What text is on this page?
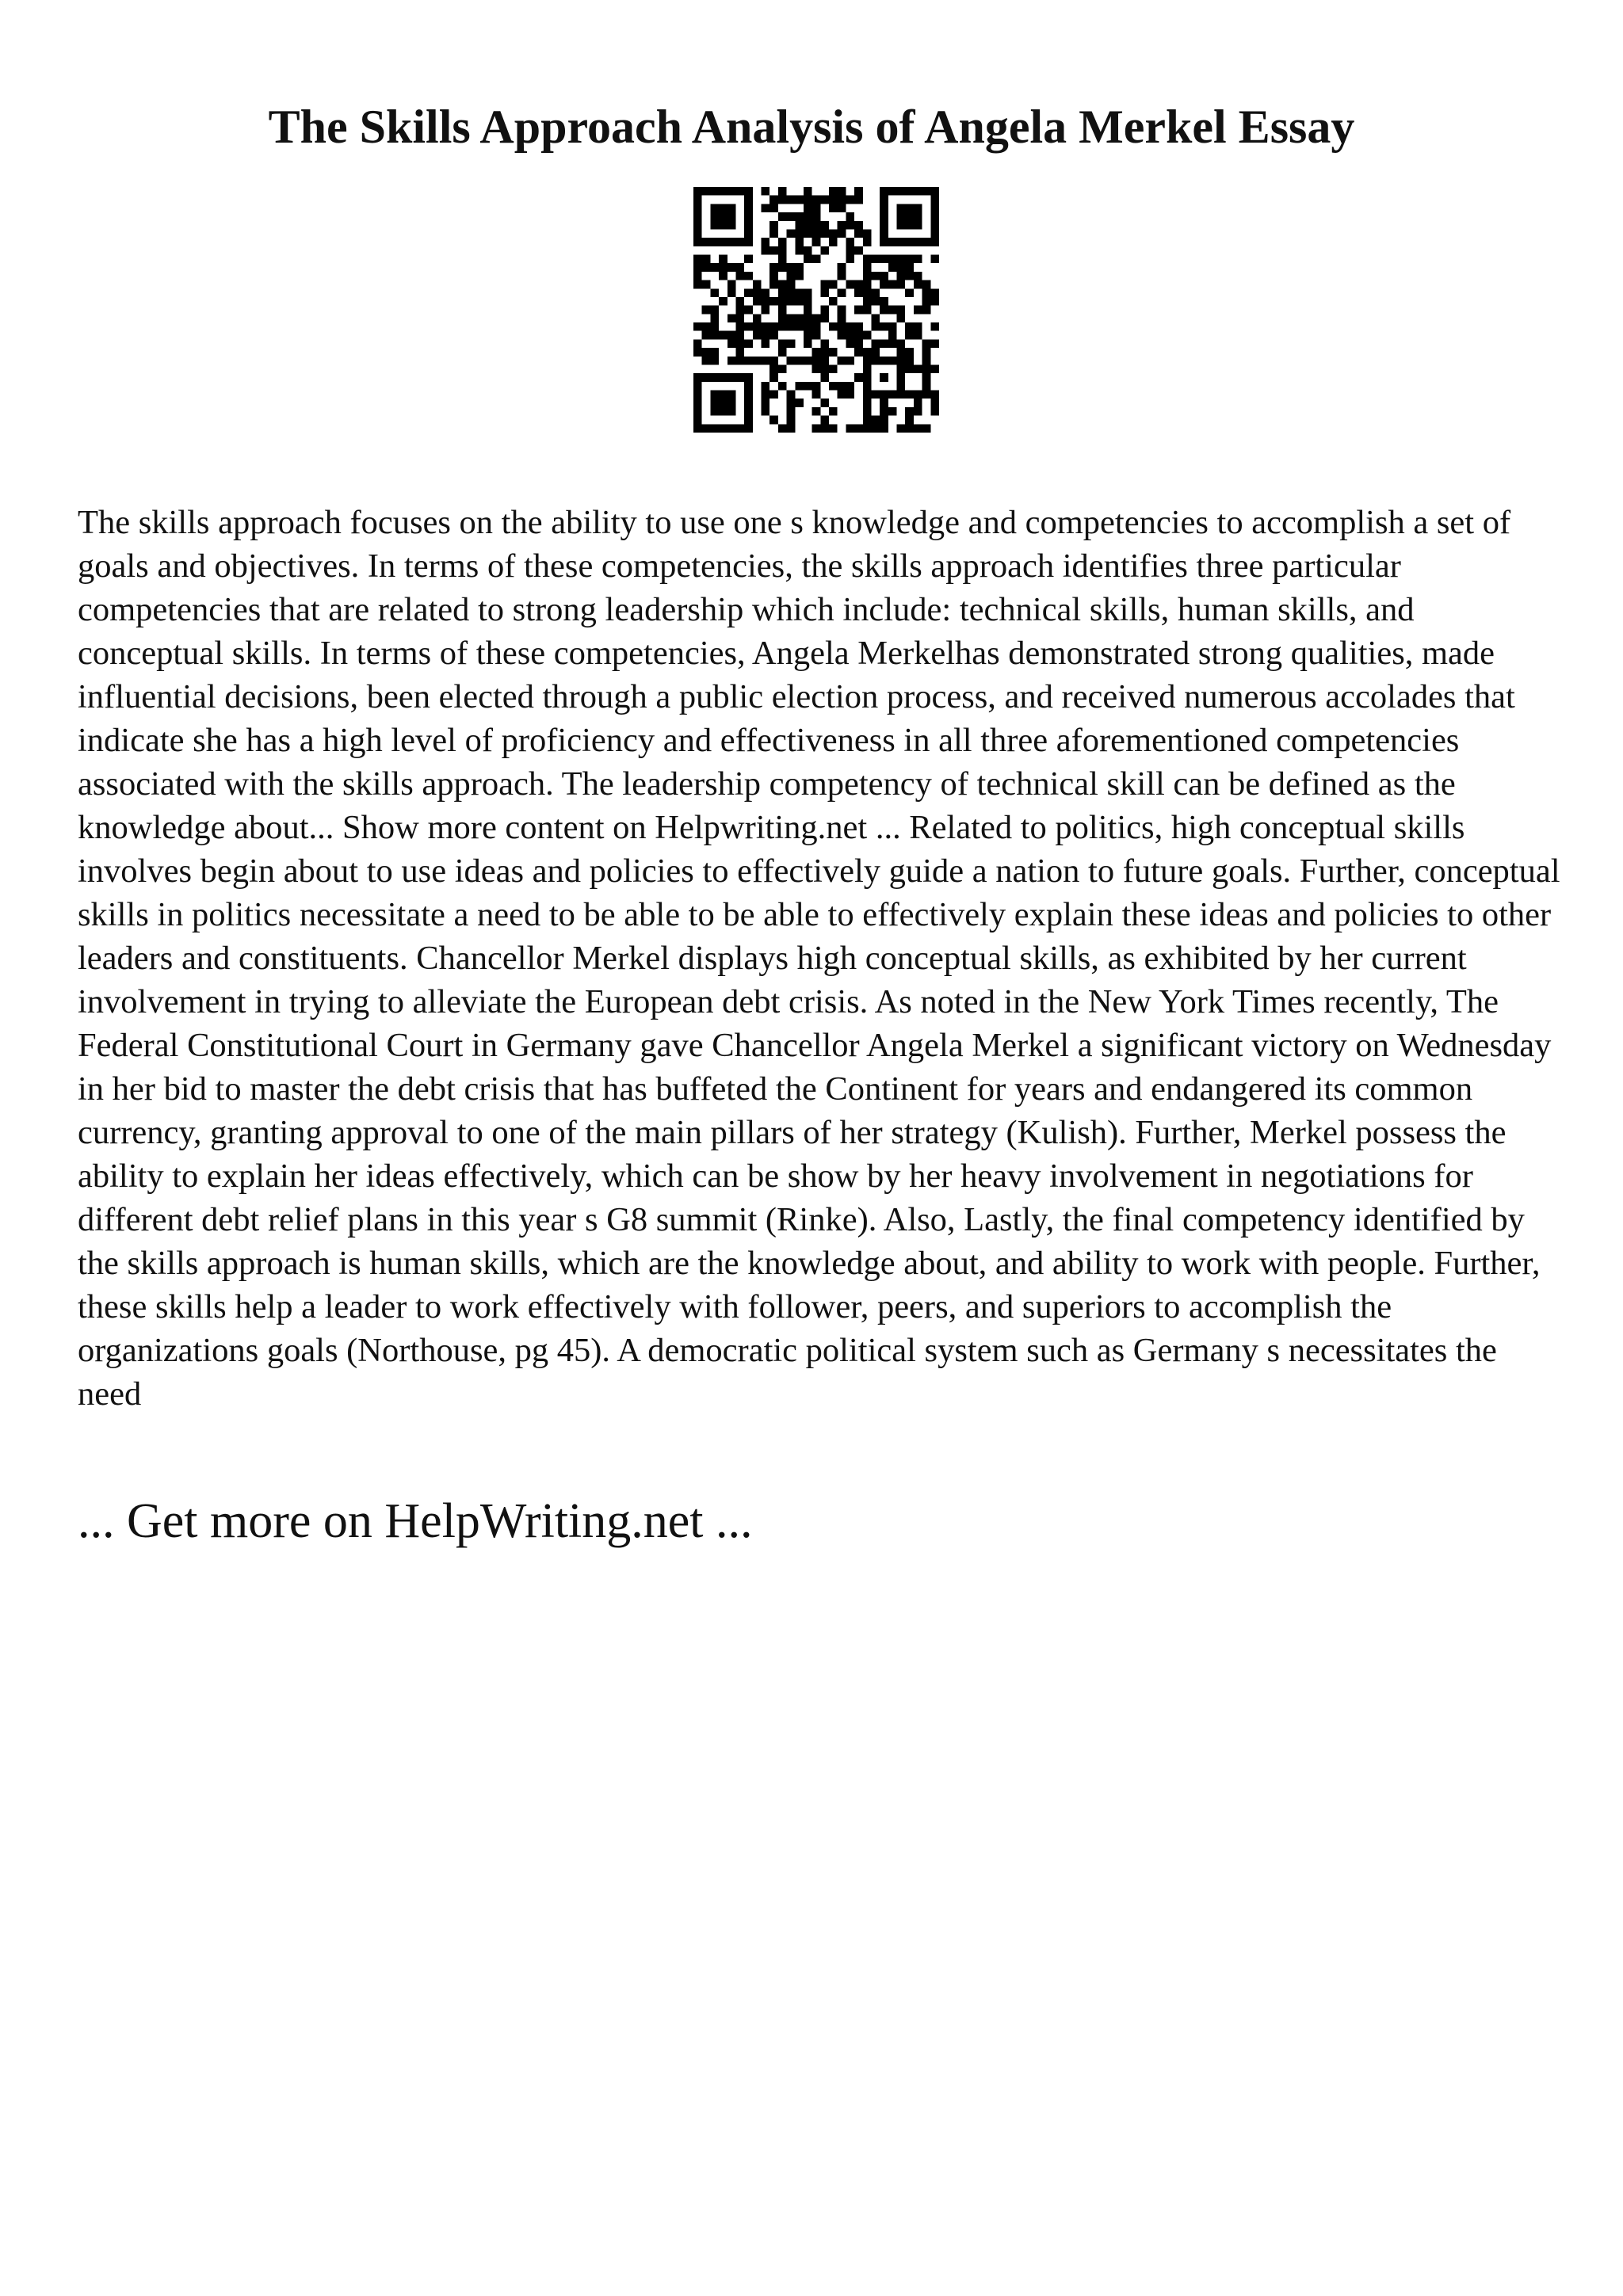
The Skills Approach Analysis of Angela Merkel Essay

The skills approach focuses on the ability to use one s knowledge and competencies to accomplish a set of goals and objectives. In terms of these competencies, the skills approach identifies three particular competencies that are related to strong leadership which include: technical skills, human skills, and conceptual skills. In terms of these competencies, Angela Merkelhas demonstrated strong qualities, made influential decisions, been elected through a public election process, and received numerous accolades that indicate she has a high level of proficiency and effectiveness in all three aforementioned competencies associated with the skills approach. The leadership competency of technical skill can be defined as the knowledge about... Show more content on Helpwriting.net ... Related to politics, high conceptual skills involves begin about to use ideas and policies to effectively guide a nation to future goals. Further, conceptual skills in politics necessitate a need to be able to be able to effectively explain these ideas and policies to other leaders and constituents. Chancellor Merkel displays high conceptual skills, as exhibited by her current involvement in trying to alleviate the European debt crisis. As noted in the New York Times recently, The Federal Constitutional Court in Germany gave Chancellor Angela Merkel a significant victory on Wednesday in her bid to master the debt crisis that has buffeted the Continent for years and endangered its common currency, granting approval to one of the main pillars of her strategy (Kulish). Further, Merkel possess the ability to explain her ideas effectively, which can be show by her heavy involvement in negotiations for different debt relief plans in this year s G8 summit (Rinke). Also, Lastly, the final competency identified by the skills approach is human skills, which are the knowledge about, and ability to work with people. Further, these skills help a leader to work effectively with follower, peers, and superiors to accomplish the organizations goals (Northouse, pg 45). A democratic political system such as Germany s necessitates the need

... Get more on HelpWriting.net ...
